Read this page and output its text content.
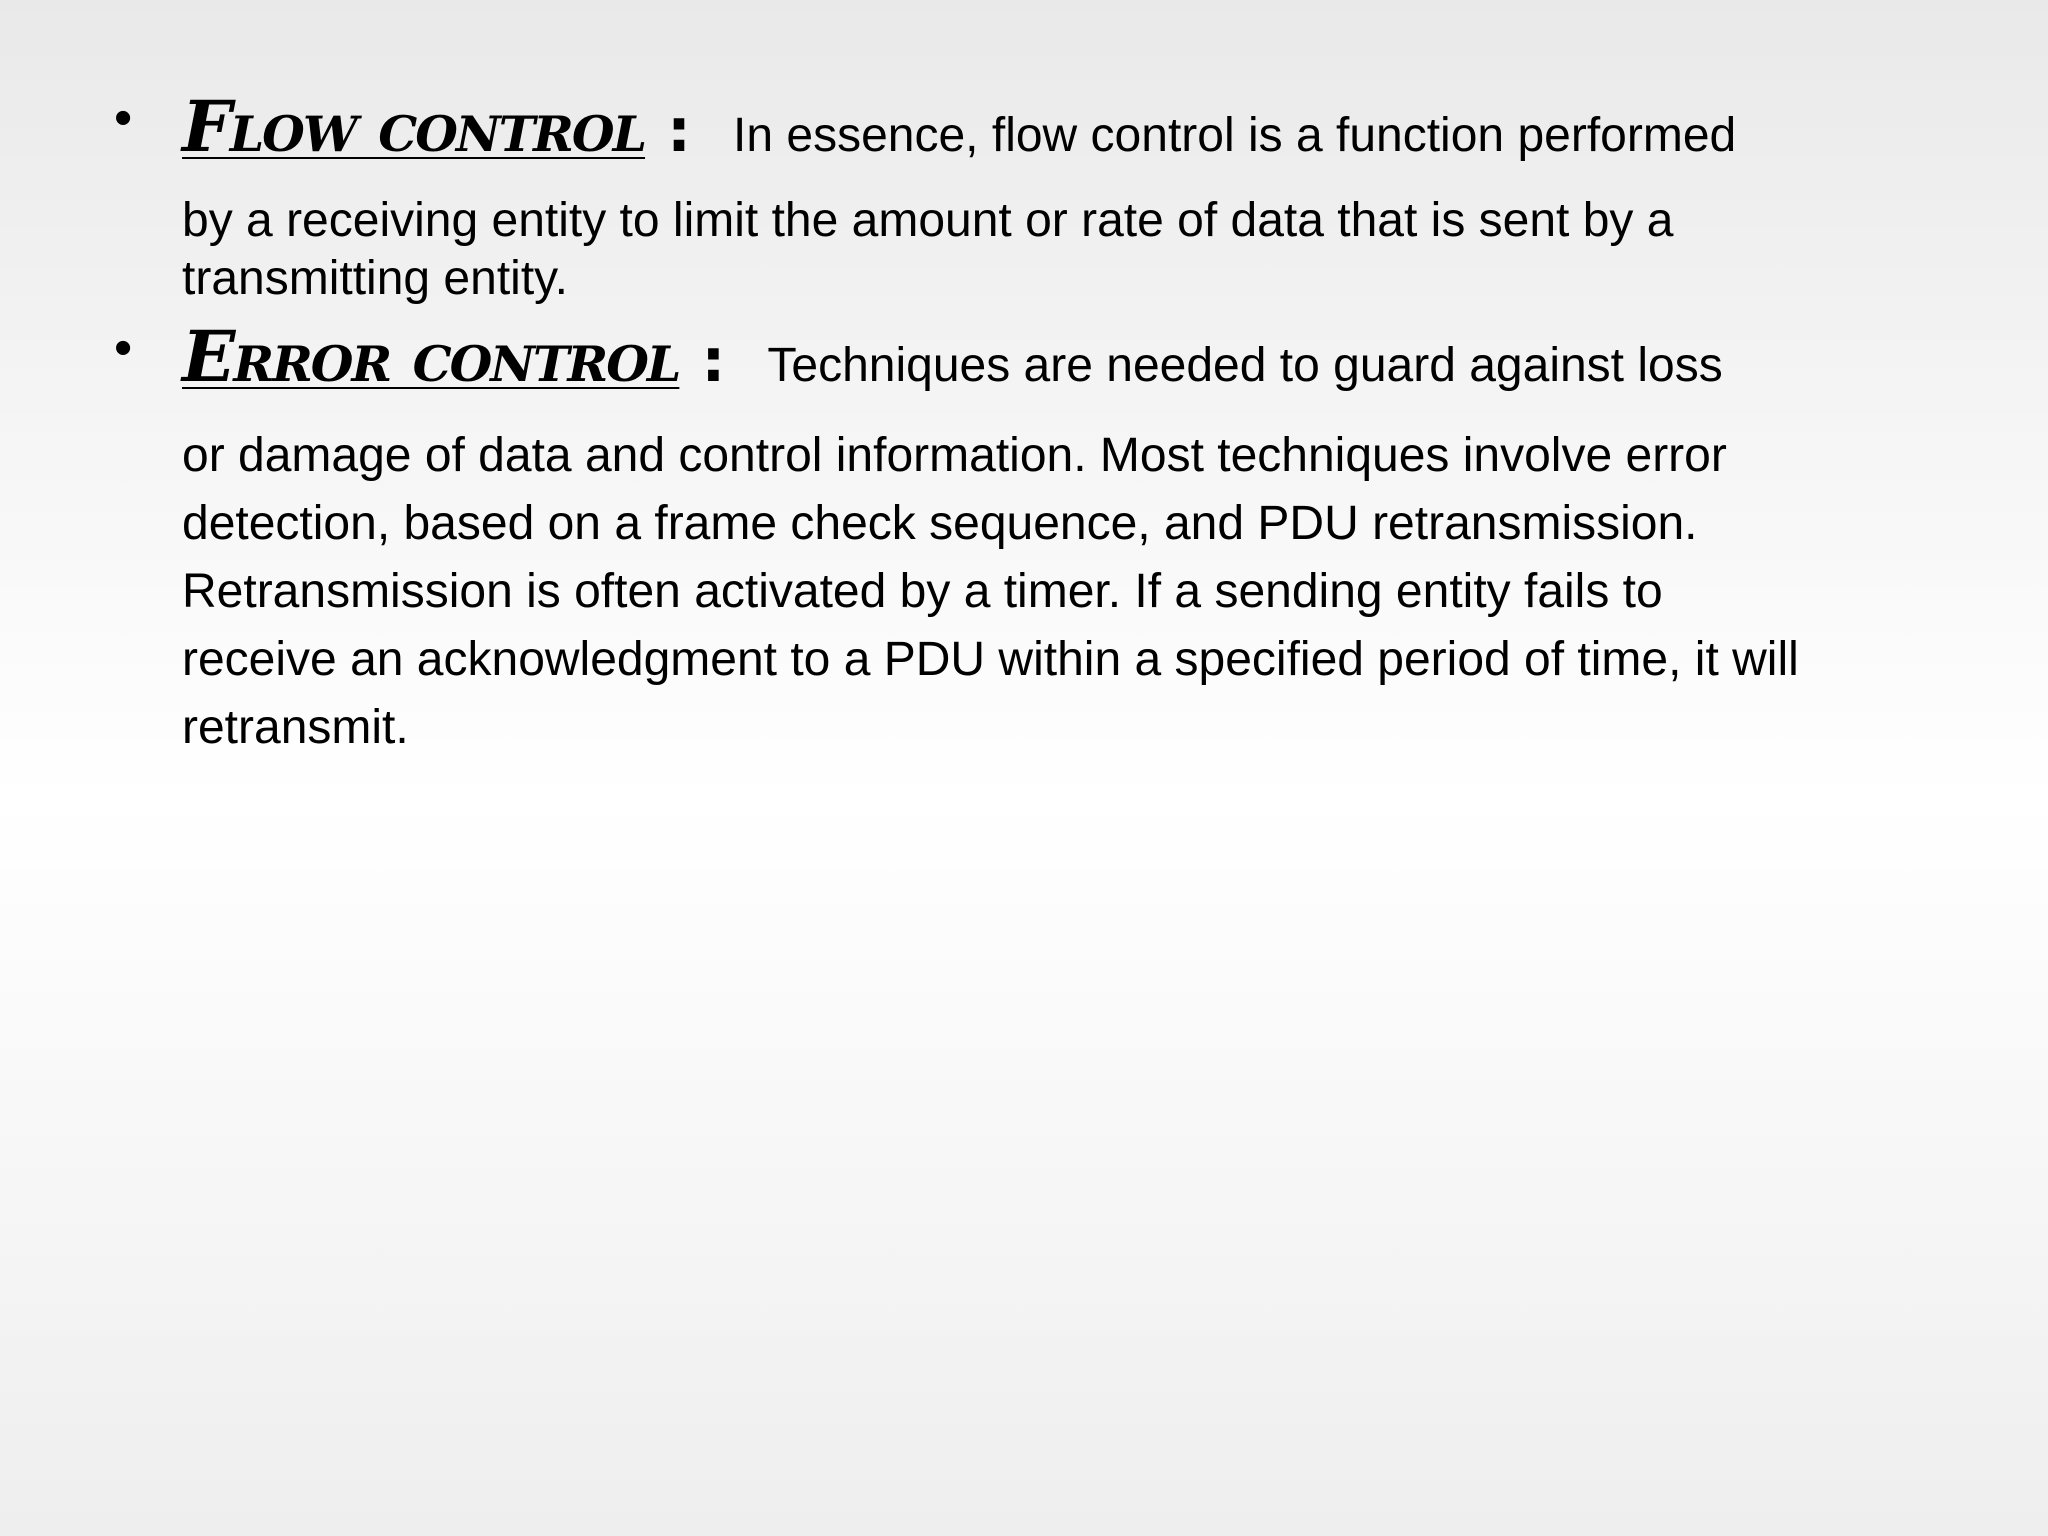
• Flow control : In essence, flow control is a function performed
by a receiving entity to limit the amount or rate of data that is sent by a
transmitting entity.
• Error control : Techniques are needed to guard against loss
or damage of data and control information. Most techniques involve error
detection, based on a frame check sequence, and PDU retransmission.
Retransmission is often activated by a timer. If a sending entity fails to
receive an acknowledgment to a PDU within a specified period of time, it will
retransmit.
